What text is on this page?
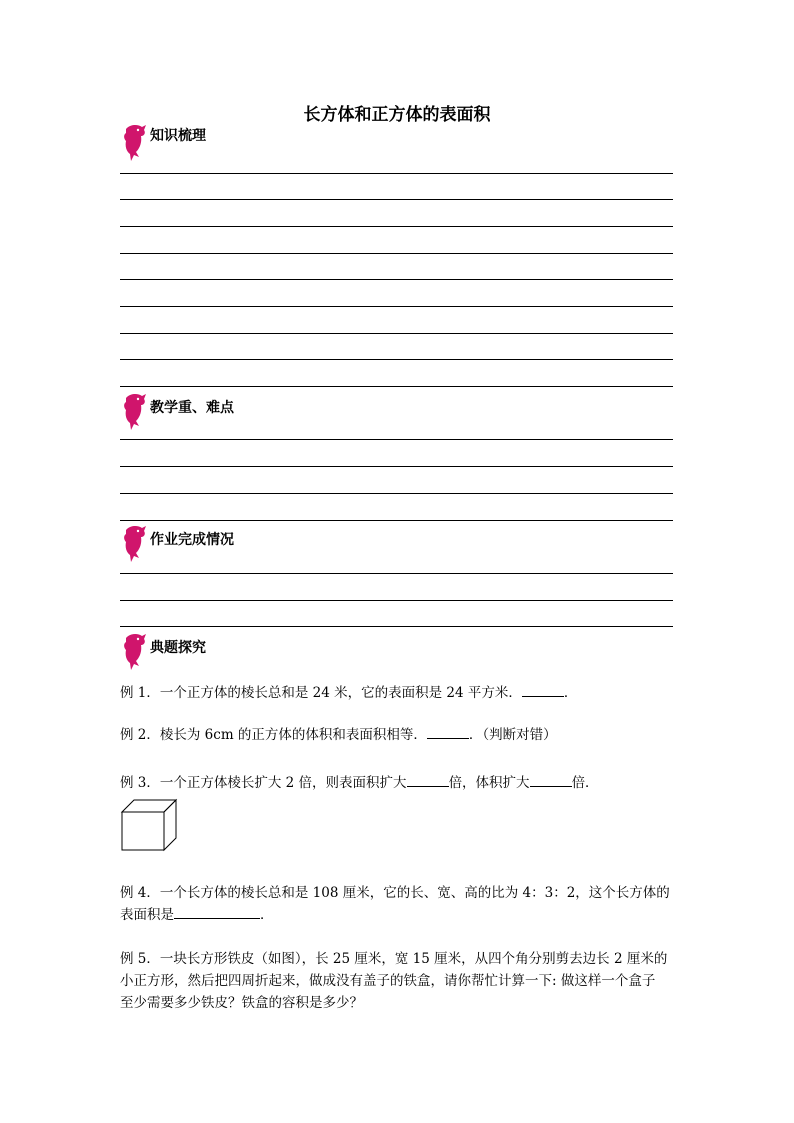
长方体和正方体的表面积
知识梳理
教学重、难点
作业完成情况
典题探究
例 1．一个正方体的棱长总和是 24 米，它的表面积是 24 平方米．	．
例 2．棱长为 6cm 的正方体的体积和表面积相等．	．（判断对错）
例 3．一个正方体棱长扩大 2 倍，则表面积扩大	倍，体积扩大	倍．
例 4．一个长方体的棱长总和是 108 厘米，它的长、宽、高的比为 4：3：2，这个长方体的
表面积是	．
例 5．一块长方形铁皮（如图），长 25 厘米，宽 15 厘米，从四个角分别剪去边长 2 厘米的
小正方形，然后把四周折起来，做成没有盖子的铁盒，请你帮忙计算一下: 做这样一个盒子
至少需要多少铁皮？铁盒的容积是多少？
